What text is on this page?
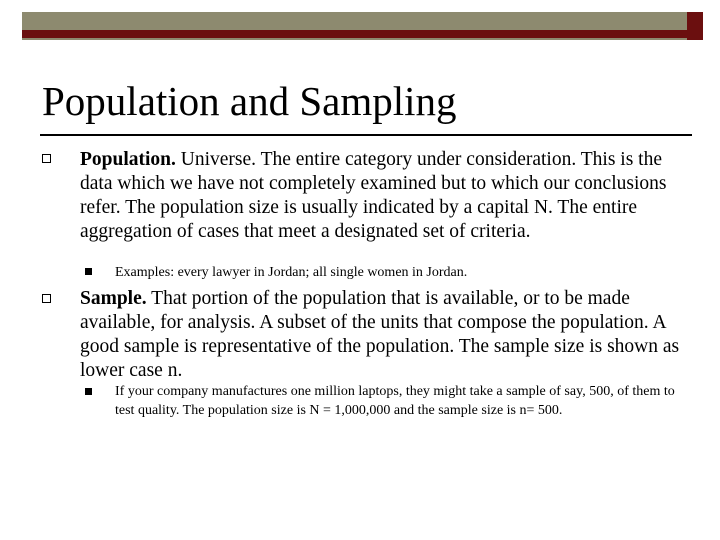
Population and Sampling
Population. Universe. The entire category under consideration. This is the data which we have not completely examined but to which our conclusions refer. The population size is usually indicated by a capital N. The entire aggregation of cases that meet a designated set of criteria.
Examples: every lawyer in Jordan; all single women in Jordan.
Sample. That portion of the population that is available, or to be made available, for analysis. A subset of the units that compose the population. A good sample is representative of the population. The sample size is shown as lower case n.
If your company manufactures one million laptops, they might take a sample of say, 500, of them to test quality. The population size is N = 1,000,000 and the sample size is n= 500.
